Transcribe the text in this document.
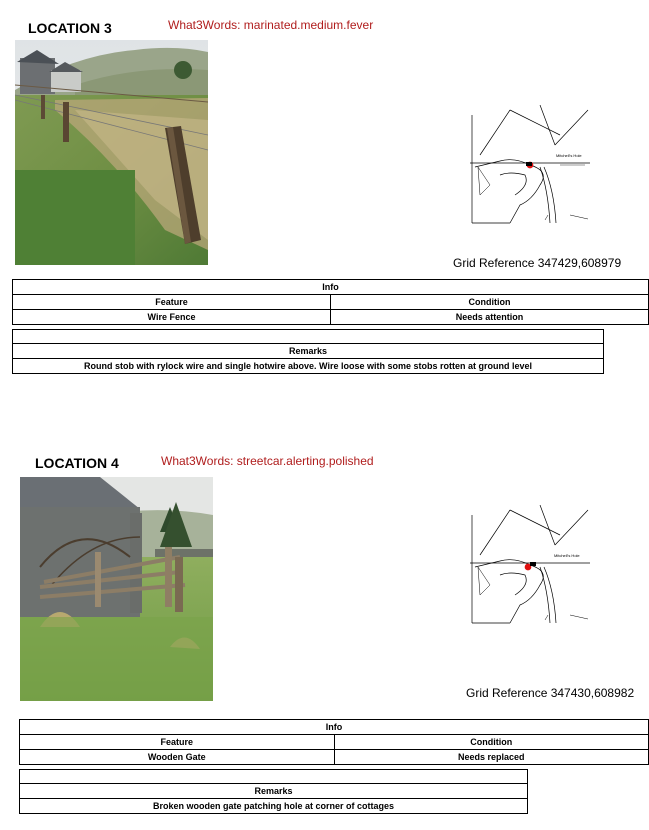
LOCATION 3	What3Words: marinated.medium.fever
Mitchell's Hole
Grid Reference 347429,608979
Info	
Feature	Condition
Wire Fence	Needs attention

Remarks
Round stob with rylock wire and single hotwire above. Wire loose with some stobs rotten at ground level
LOCATION 4	What3Words: streetcar.alerting.polished
Mitchell's Hole
Grid Reference 347430,608982
Info	
Feature	Condition
Wooden Gate	Needs replaced

Remarks
Broken wooden gate patching hole at corner of cottages
